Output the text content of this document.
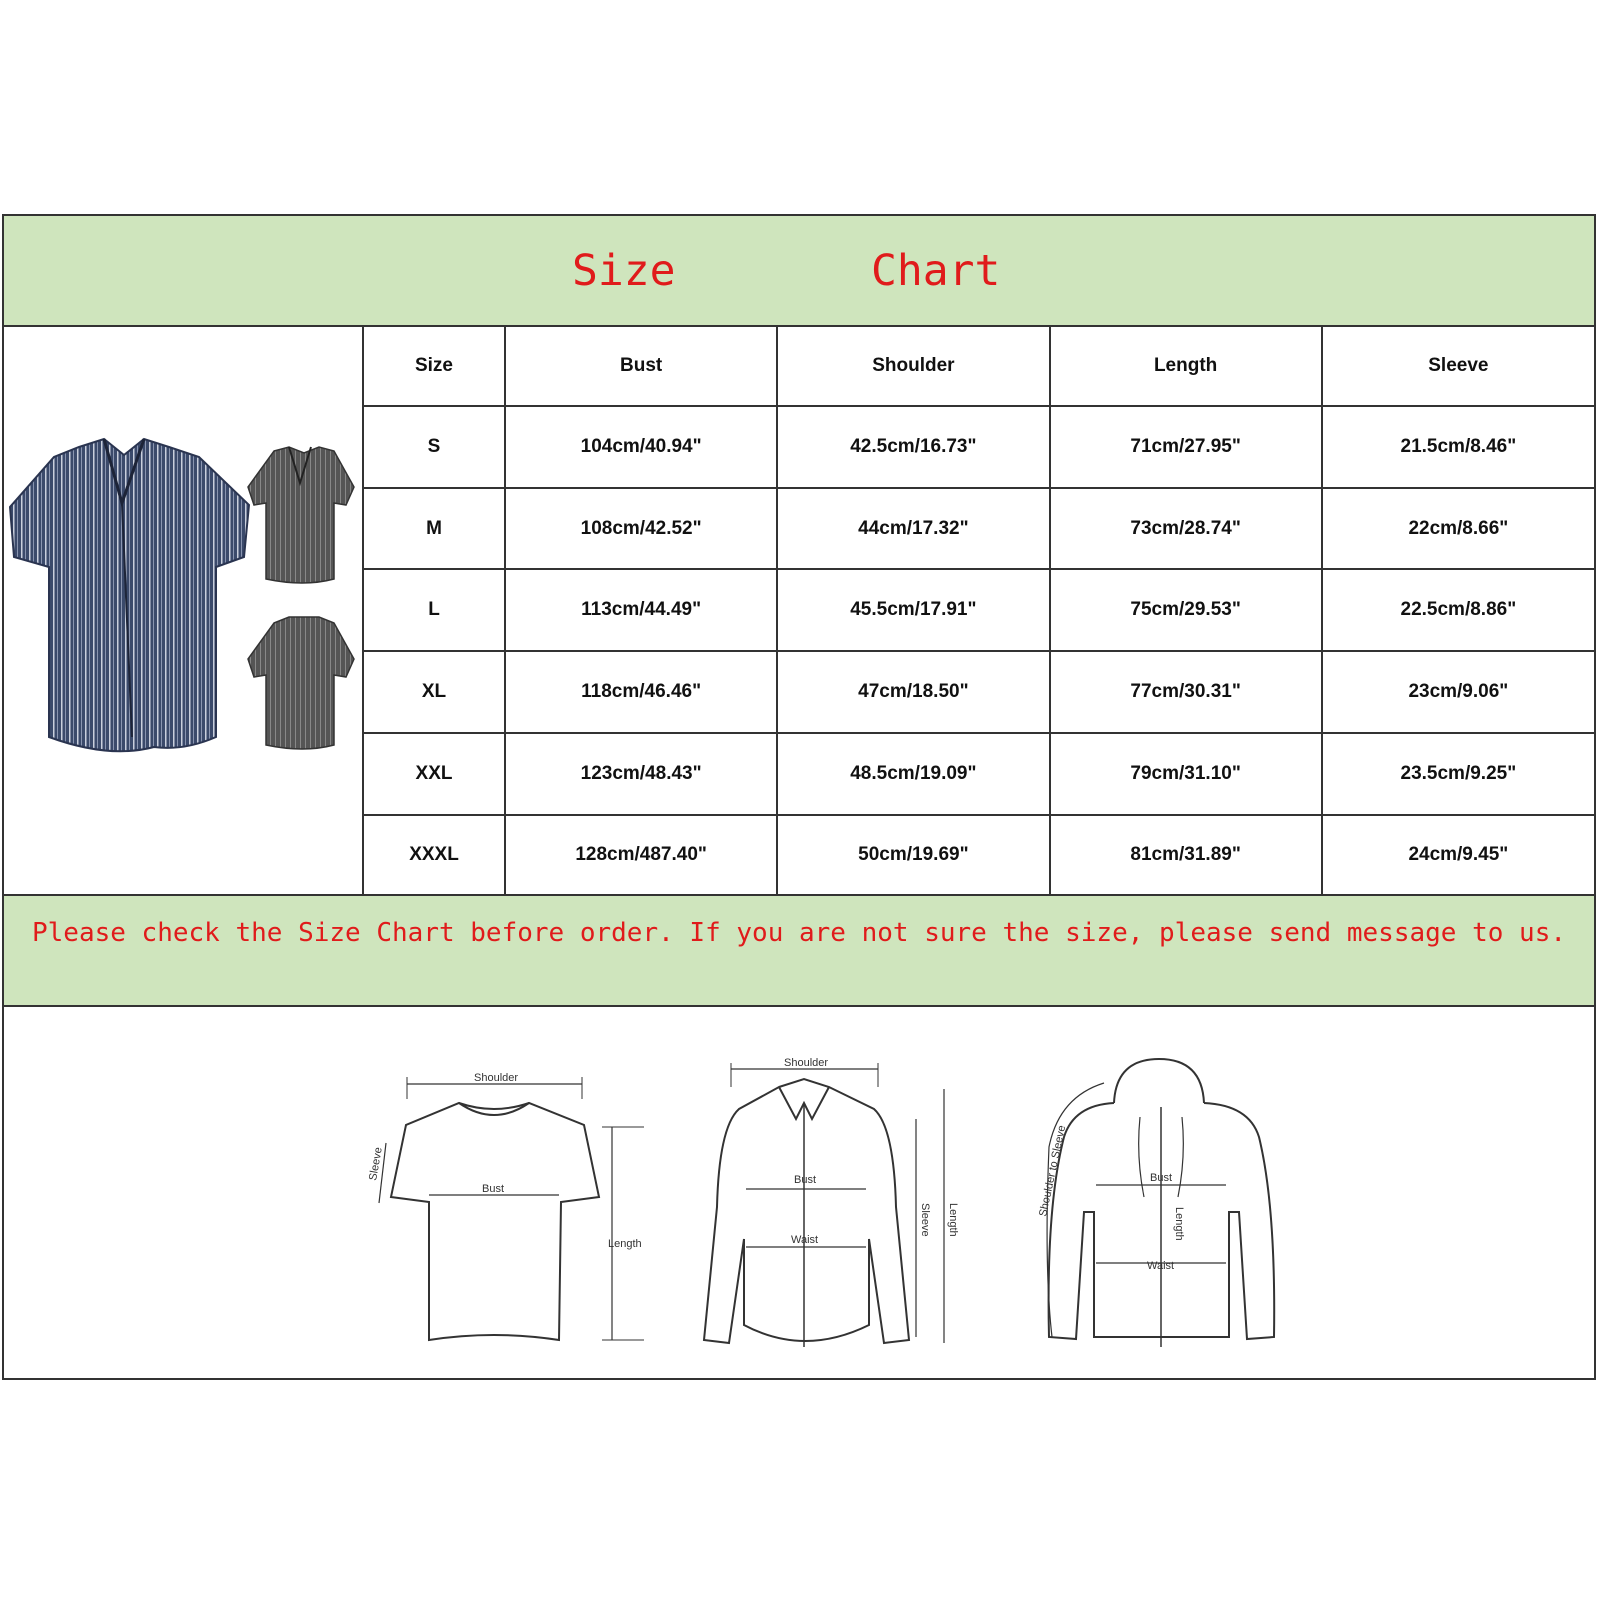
Size	Chart
Size	Bust	Shoulder	Length	Sleeve
S	104cm/40.94"	42.5cm/16.73"	71cm/27.95"	21.5cm/8.46"
M	108cm/42.52"	44cm/17.32"	73cm/28.74"	22cm/8.66"
L	113cm/44.49"	45.5cm/17.91"	75cm/29.53"	22.5cm/8.86"
XL	118cm/46.46"	47cm/18.50"	77cm/30.31"	23cm/9.06"
XXL	123cm/48.43"	48.5cm/19.09"	79cm/31.10"	23.5cm/9.25"
XXXL	128cm/487.40"	50cm/19.69"	81cm/31.89"	24cm/9.45"
Please check the Size Chart before order. If you are not sure the size, please send message to us.
Shoulder
Bust
Length
Sleeve
Shoulder
Bust
Waist
Sleeve Length
Bust
Waist
Length
Shoulder to Sleeve
